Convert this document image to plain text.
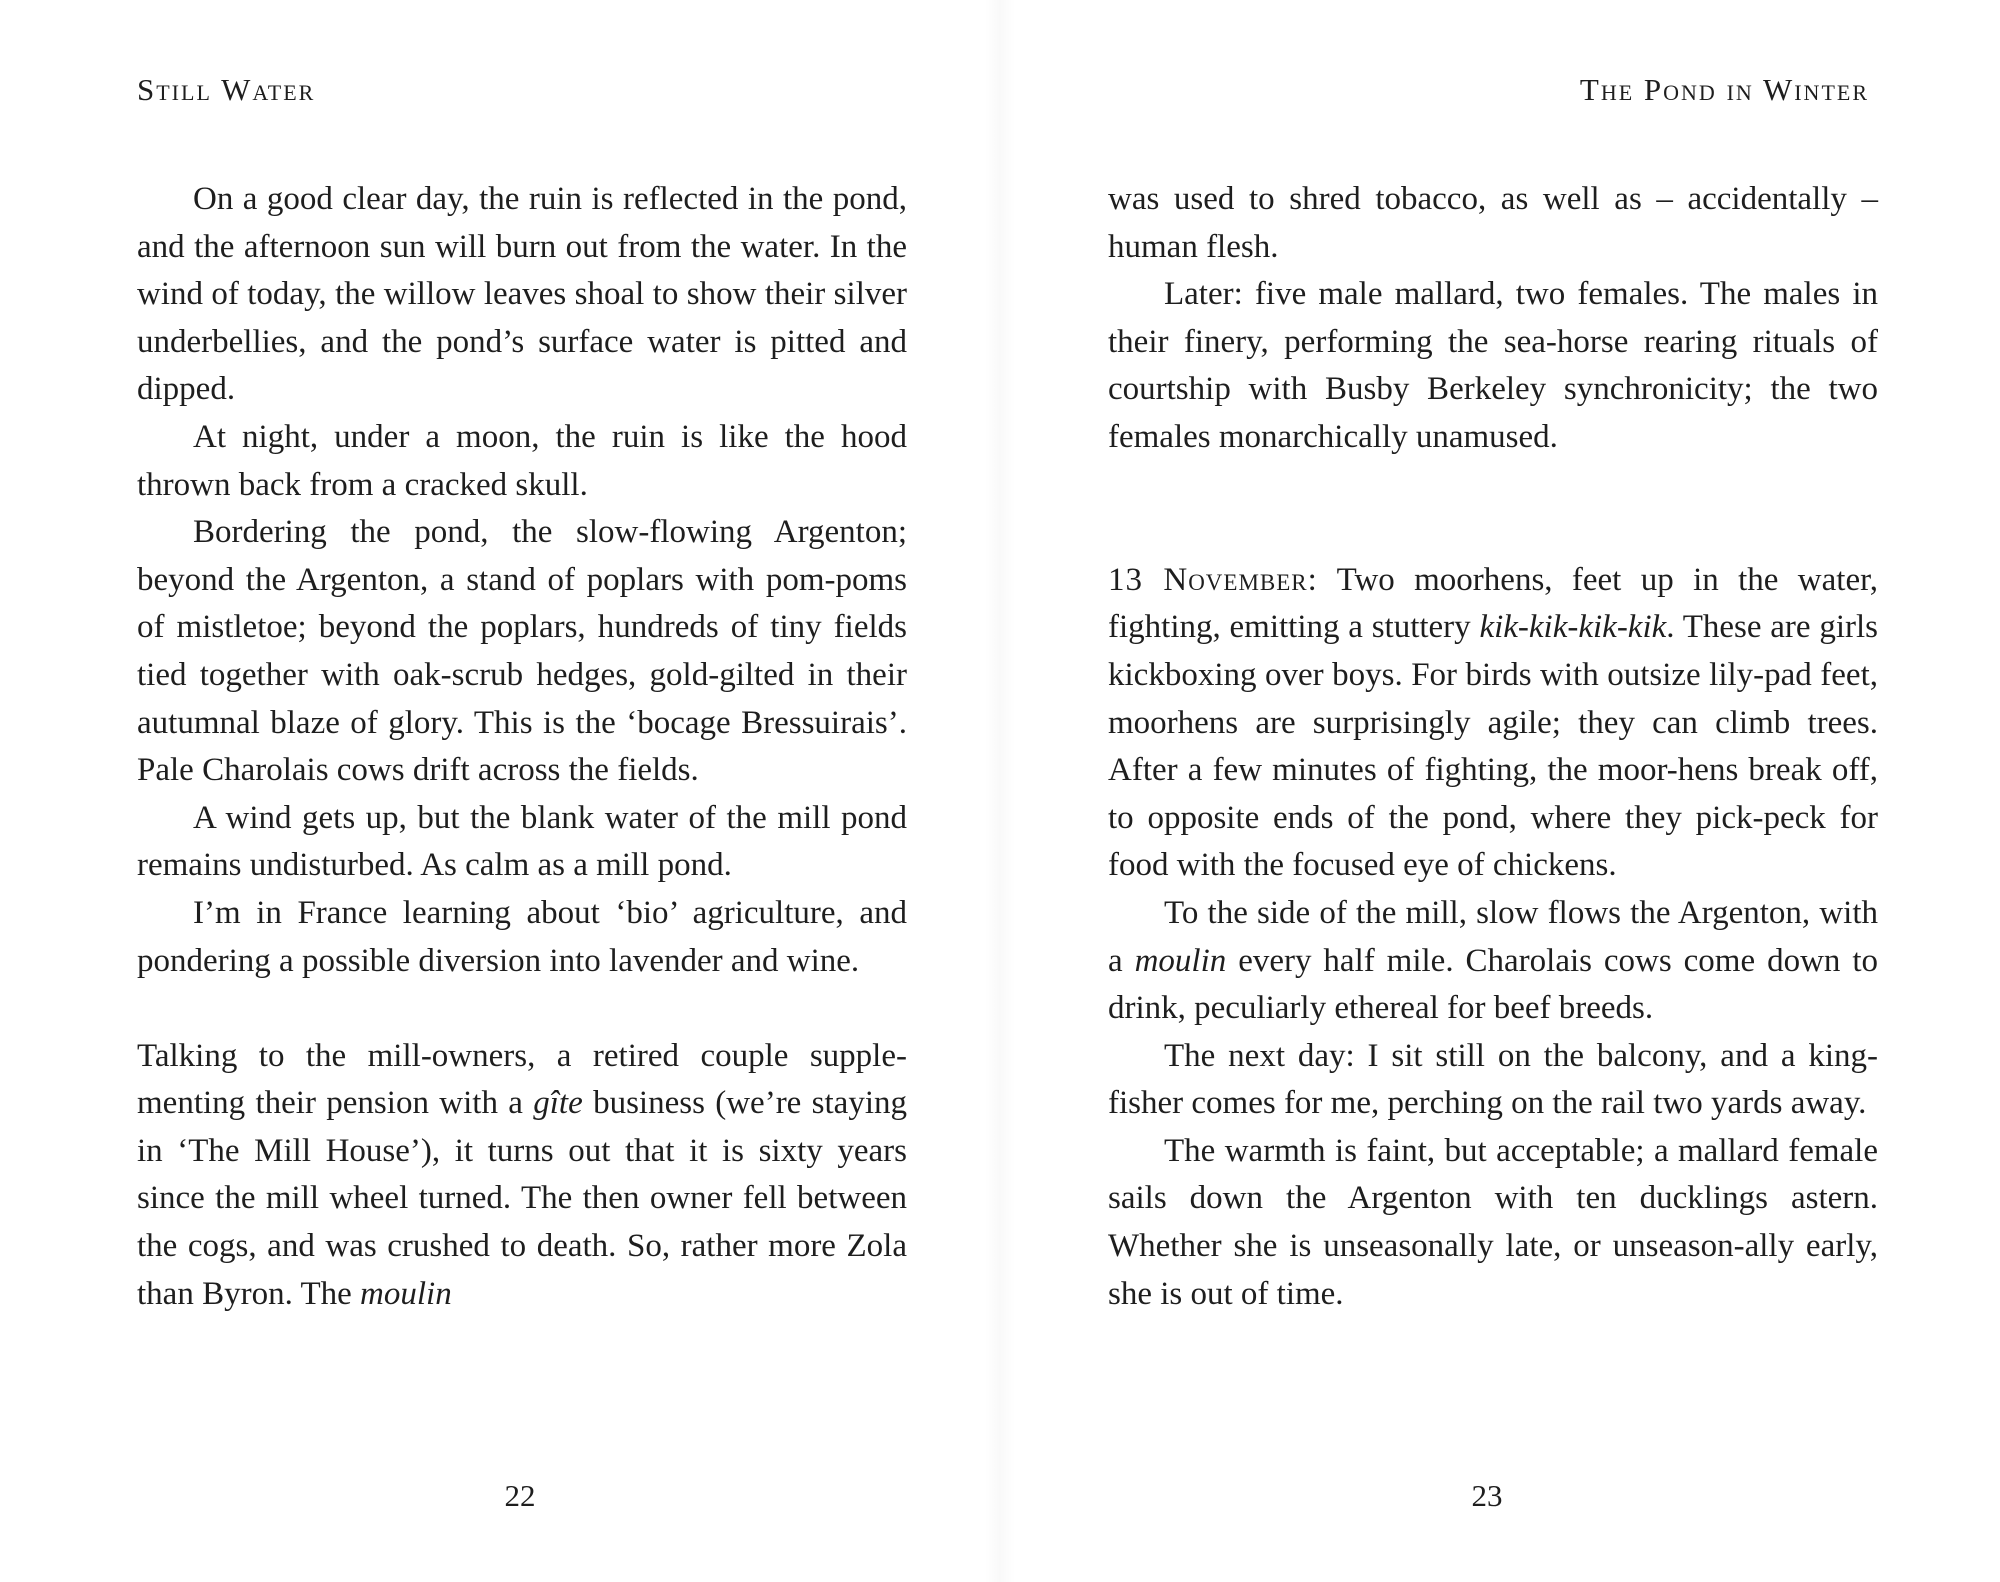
Still Water

On a good clear day, the ruin is reflected in the pond, and the afternoon sun will burn out from the water. In the wind of today, the willow leaves shoal to show their silver underbellies, and the pond’s surface water is pitted and dipped.

At night, under a moon, the ruin is like the hood thrown back from a cracked skull.

Bordering the pond, the slow-flowing Argenton; beyond the Argenton, a stand of poplars with pom-poms of mistletoe; beyond the poplars, hundreds of tiny fields tied together with oak-scrub hedges, gold-gilted in their autumnal blaze of glory. This is the ‘bocage Bressuirais’. Pale Charolais cows drift across the fields.

A wind gets up, but the blank water of the mill pond remains undisturbed. As calm as a mill pond.

I’m in France learning about ‘bio’ agriculture, and pondering a possible diversion into lavender and wine.

Talking to the mill-owners, a retired couple supple-menting their pension with a gîte business (we’re staying in ‘The Mill House’), it turns out that it is sixty years since the mill wheel turned. The then owner fell between the cogs, and was crushed to death. So, rather more Zola than Byron. The moulin

22
The Pond in Winter

was used to shred tobacco, as well as – accidentally – human flesh.

Later: five male mallard, two females. The males in their finery, performing the sea-horse rearing rituals of courtship with Busby Berkeley synchronicity; the two females monarchically unamused.

13 November: Two moorhens, feet up in the water, fighting, emitting a stuttery kik-kik-kik-kik. These are girls kickboxing over boys. For birds with outsize lily-pad feet, moorhens are surprisingly agile; they can climb trees. After a few minutes of fighting, the moor-hens break off, to opposite ends of the pond, where they pick-peck for food with the focused eye of chickens.

To the side of the mill, slow flows the Argenton, with a moulin every half mile. Charolais cows come down to drink, peculiarly ethereal for beef breeds.

The next day: I sit still on the balcony, and a king-fisher comes for me, perching on the rail two yards away.

The warmth is faint, but acceptable; a mallard female sails down the Argenton with ten ducklings astern. Whether she is unseasonally late, or unseason-ally early, she is out of time.

23
